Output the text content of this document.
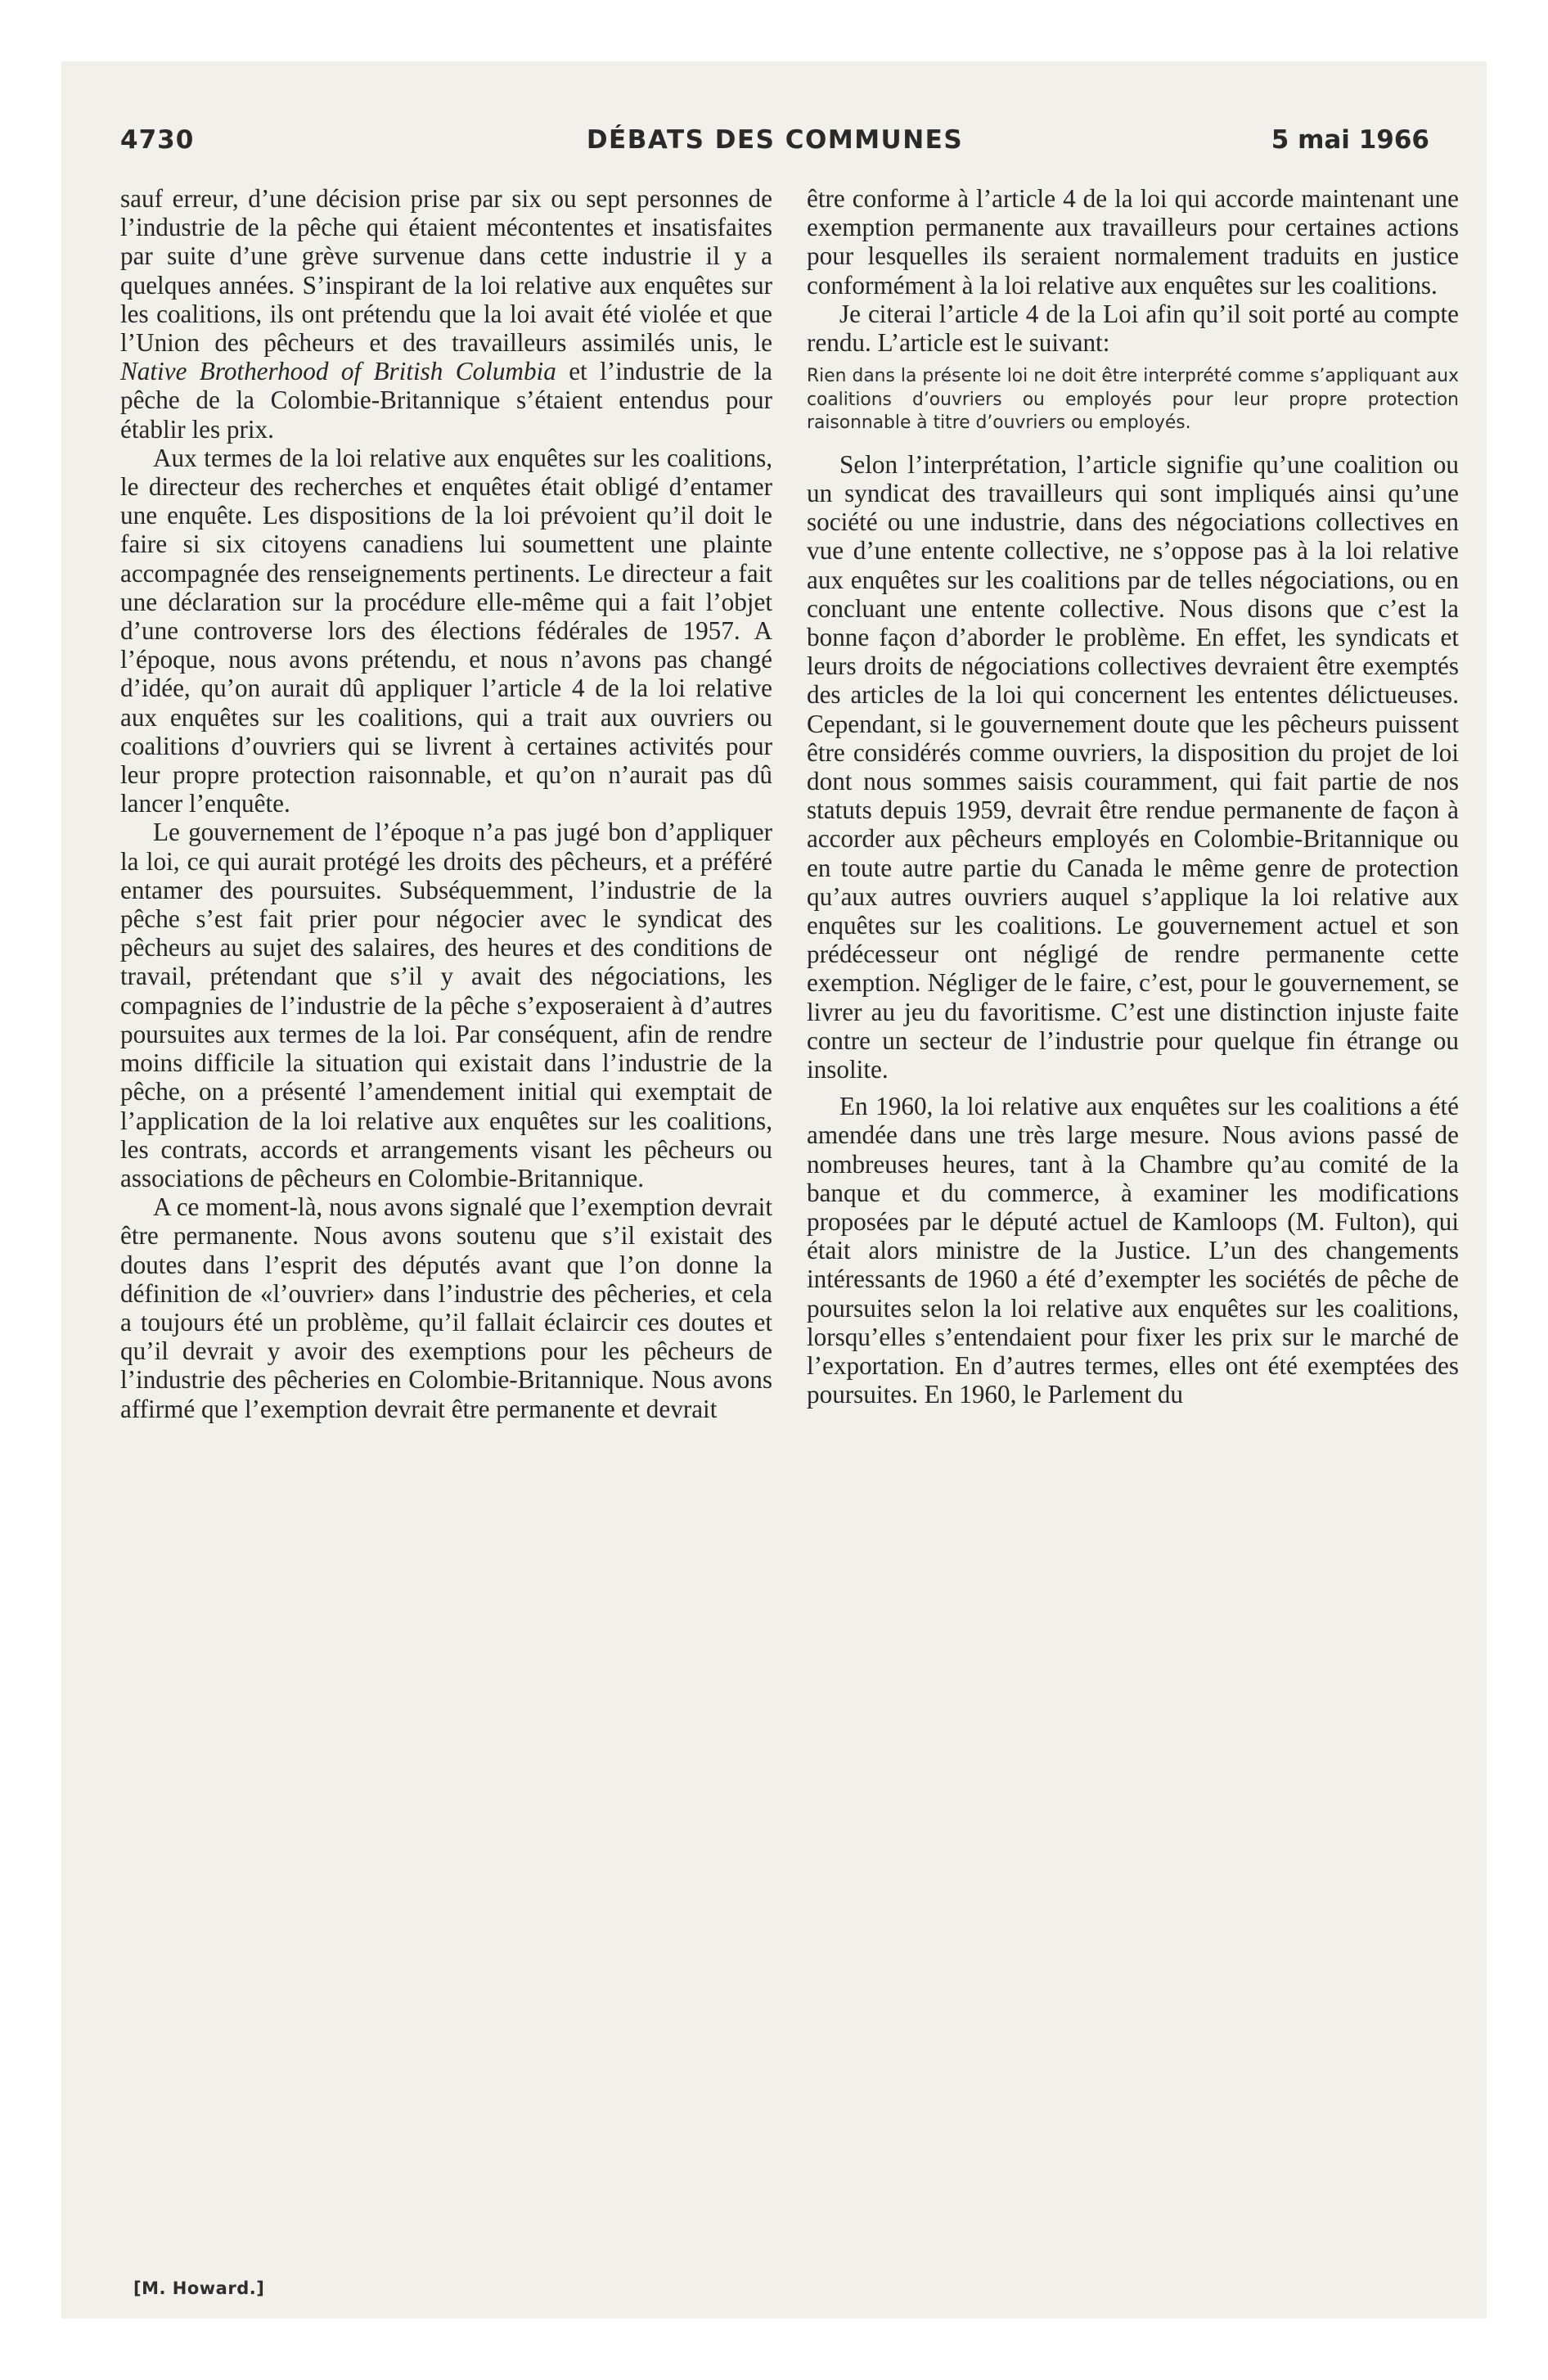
DÉBATS DES COMMUNES
4730	5 mai 1966

sauf erreur, d’une décision prise par six ou sept personnes de l’industrie de la pêche qui étaient mécontentes et insatisfaites par suite d’une grève survenue dans cette industrie il y a quelques années. S’inspirant de la loi relative aux enquêtes sur les coalitions, ils ont prétendu que la loi avait été violée et que l’Union des pêcheurs et des travailleurs assimilés unis, le Native Brotherhood of British Columbia et l’industrie de la pêche de la Colombie-Britannique s’étaient entendus pour établir les prix.

Aux termes de la loi relative aux enquêtes sur les coalitions, le directeur des recherches et enquêtes était obligé d’entamer une enquête. Les dispositions de la loi prévoient qu’il doit le faire si six citoyens canadiens lui soumettent une plainte accompagnée des renseignements pertinents. Le directeur a fait une déclaration sur la procédure elle-même qui a fait l’objet d’une controverse lors des élections fédérales de 1957. A l’époque, nous avons prétendu, et nous n’avons pas changé d’idée, qu’on aurait dû appliquer l’article 4 de la loi relative aux enquêtes sur les coalitions, qui a trait aux ouvriers ou coalitions d’ouvriers qui se livrent à certaines activités pour leur propre protection raisonnable, et qu’on n’aurait pas dû lancer l’enquête.

Le gouvernement de l’époque n’a pas jugé bon d’appliquer la loi, ce qui aurait protégé les droits des pêcheurs, et a préféré entamer des poursuites. Subséquemment, l’industrie de la pêche s’est fait prier pour négocier avec le syndicat des pêcheurs au sujet des salaires, des heures et des conditions de travail, prétendant que s’il y avait des négociations, les compagnies de l’industrie de la pêche s’exposeraient à d’autres poursuites aux termes de la loi. Par conséquent, afin de rendre moins difficile la situation qui existait dans l’industrie de la pêche, on a présenté l’amendement initial qui exemptait de l’application de la loi relative aux enquêtes sur les coalitions, les contrats, accords et arrangements visant les pêcheurs ou associations de pêcheurs en Colombie-Britannique.

A ce moment-là, nous avons signalé que l’exemption devrait être permanente. Nous avons soutenu que s’il existait des doutes dans l’esprit des députés avant que l’on donne la définition de «l’ouvrier» dans l’industrie des pêcheries, et cela a toujours été un problème, qu’il fallait éclaircir ces doutes et qu’il devrait y avoir des exemptions pour les pêcheurs de l’industrie des pêcheries en Colombie-Britannique. Nous avons affirmé que l’exemption devrait être permanente et devrait

[M. Howard.]

être conforme à l’article 4 de la loi qui accorde maintenant une exemption permanente aux travailleurs pour certaines actions pour lesquelles ils seraient normalement traduits en justice conformément à la loi relative aux enquêtes sur les coalitions.

Je citerai l’article 4 de la Loi afin qu’il soit porté au compte rendu. L’article est le suivant:

Rien dans la présente loi ne doit être interprété comme s’appliquant aux coalitions d’ouvriers ou employés pour leur propre protection raisonnable à titre d’ouvriers ou employés.

Selon l’interprétation, l’article signifie qu’une coalition ou un syndicat des travailleurs qui sont impliqués ainsi qu’une société ou une industrie, dans des négociations collectives en vue d’une entente collective, ne s’oppose pas à la loi relative aux enquêtes sur les coalitions par de telles négociations, ou en concluant une entente collective. Nous disons que c’est la bonne façon d’aborder le problème. En effet, les syndicats et leurs droits de négociations collectives devraient être exemptés des articles de la loi qui concernent les ententes délictueuses. Cependant, si le gouvernement doute que les pêcheurs puissent être considérés comme ouvriers, la disposition du projet de loi dont nous sommes saisis couramment, qui fait partie de nos statuts depuis 1959, devrait être rendue permanente de façon à accorder aux pêcheurs employés en Colombie-Britannique ou en toute autre partie du Canada le même genre de protection qu’aux autres ouvriers auquel s’applique la loi relative aux enquêtes sur les coalitions. Le gouvernement actuel et son prédécesseur ont négligé de rendre permanente cette exemption. Négliger de le faire, c’est, pour le gouvernement, se livrer au jeu du favoritisme. C’est une distinction injuste faite contre un secteur de l’industrie pour quelque fin étrange ou insolite.

En 1960, la loi relative aux enquêtes sur les coalitions a été amendée dans une très large mesure. Nous avions passé de nombreuses heures, tant à la Chambre qu’au comité de la banque et du commerce, à examiner les modifications proposées par le député actuel de Kamloops (M. Fulton), qui était alors ministre de la Justice. L’un des changements intéressants de 1960 a été d’exempter les sociétés de pêche de poursuites selon la loi relative aux enquêtes sur les coalitions, lorsqu’elles s’entendaient pour fixer les prix sur le marché de l’exportation. En d’autres termes, elles ont été exemptées des poursuites. En 1960, le Parlement du
